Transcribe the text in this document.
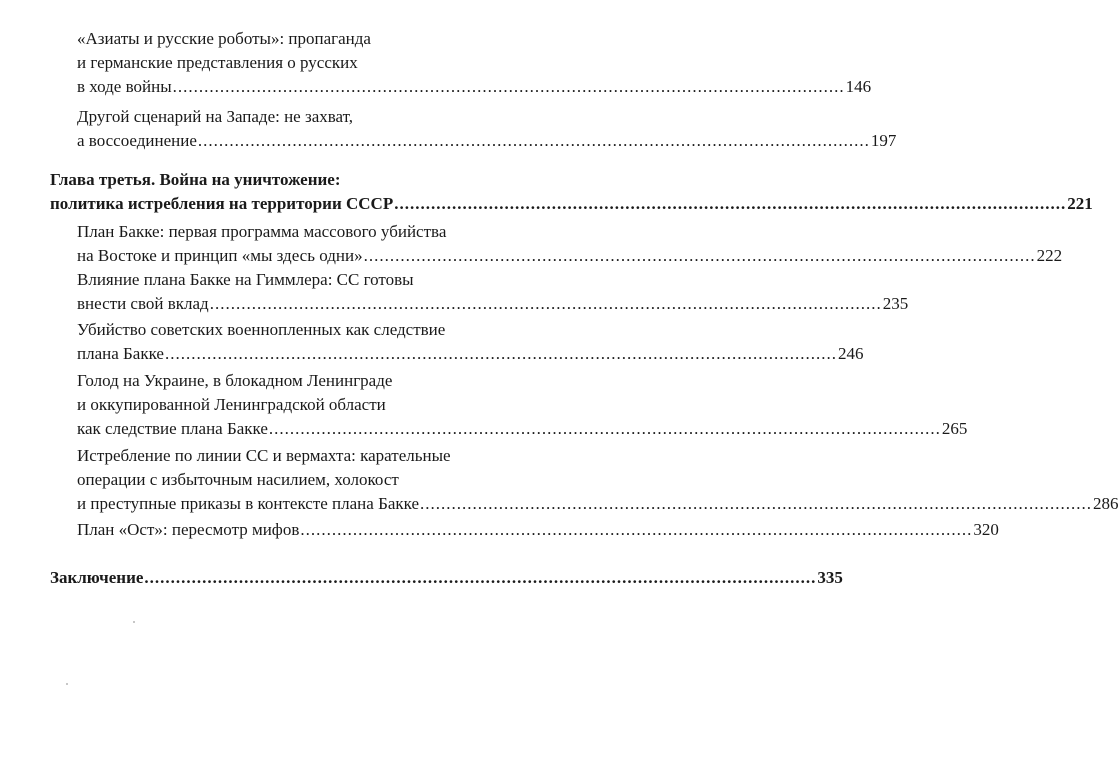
«Азиаты и русские роботы»: пропаганда
и германские представления о русских
в ходе войны ................................................................................................................................ 146
Другой сценарий на Западе: не захват,
а воссоединение ................................................................................................................................ 197
Глава третья. Война на уничтожение:
политика истребления на территории СССР ................................................................................................................................ 221
План Бакке: первая программа массового убийства
на Востоке и принцип «мы здесь одни» ................................................................................................................................ 222
Влияние плана Бакке на Гиммлера: СС готовы
внести свой вклад ................................................................................................................................ 235
Убийство советских военнопленных как следствие
плана Бакке ................................................................................................................................ 246
Голод на Украине, в блокадном Ленинграде
и оккупированной Ленинградской области
как следствие плана Бакке ................................................................................................................................ 265
Истребление по линии СС и вермахта: карательные
операции с избыточным насилием, холокост
и преступные приказы в контексте плана Бакке ................................................................................................................................ 286
План «Ост»: пересмотр мифов ................................................................................................................................ 320
Заключение ................................................................................................................................ 335
